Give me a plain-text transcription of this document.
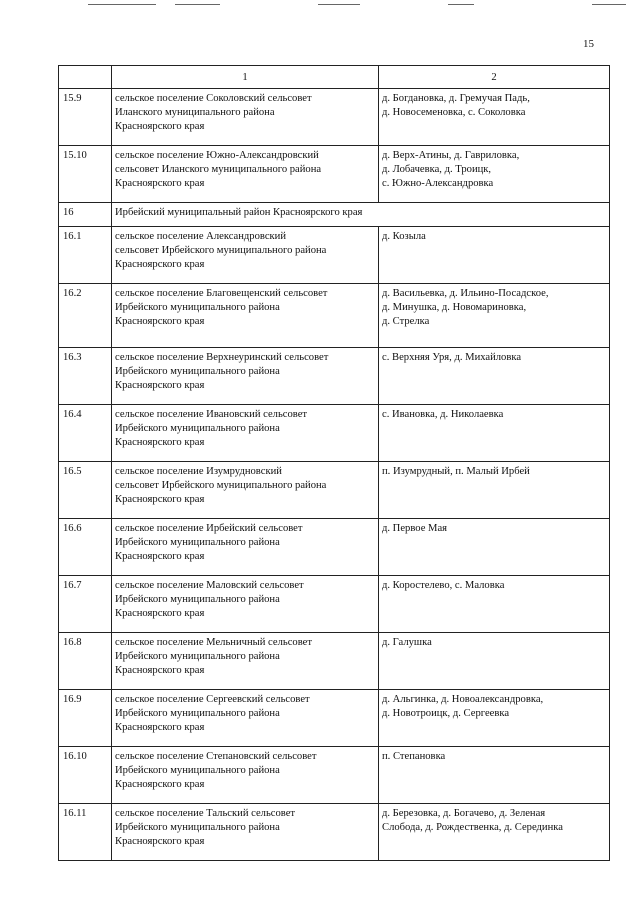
15
	1	2
15.9	сельское поселение Соколовский сельсовет
Иланского муниципального района
Красноярского края	д. Богдановка, д. Гремучая Падь,
д. Новосеменовка, с. Соколовка
15.10	сельское поселение Южно-Александровский
сельсовет Иланского муниципального района
Красноярского края	д. Верх-Атины, д. Гавриловка,
д. Лобачевка, д. Троицк,
с. Южно-Александровка
16	Ирбейский муниципальный район Красноярского края	
16.1	сельское поселение Александровский
сельсовет Ирбейского муниципального района
Красноярского края	д. Козыла
16.2	сельское поселение Благовещенский сельсовет
Ирбейского муниципального района
Красноярского края	д. Васильевка, д. Ильино-Посадское,
д. Минушка, д. Новомариновка,
д. Стрелка
16.3	сельское поселение Верхнеуринский сельсовет
Ирбейского муниципального района
Красноярского края	с. Верхняя Уря, д. Михайловка
16.4	сельское поселение Ивановский сельсовет
Ирбейского муниципального района
Красноярского края	с. Ивановка, д. Николаевка
16.5	сельское поселение Изумрудновский
сельсовет Ирбейского муниципального района
Красноярского края	п. Изумрудный, п. Малый Ирбей
16.6	сельское поселение Ирбейский сельсовет
Ирбейского муниципального района
Красноярского края	д. Первое Мая
16.7	сельское поселение Маловский сельсовет
Ирбейского муниципального района
Красноярского края	д. Коростелево, с. Маловка
16.8	сельское поселение Мельничный сельсовет
Ирбейского муниципального района
Красноярского края	д. Галушка
16.9	сельское поселение Сергеевский сельсовет
Ирбейского муниципального района
Красноярского края	д. Альгинка, д. Новоалександровка,
д. Новотроицк, д. Сергеевка
16.10	сельское поселение Степановский сельсовет
Ирбейского муниципального района
Красноярского края	п. Степановка
16.11	сельское поселение Тальский сельсовет
Ирбейского муниципального района
Красноярского края	д. Березовка, д. Богачево, д. Зеленая
Слобода, д. Рождественка, д. Серединка
